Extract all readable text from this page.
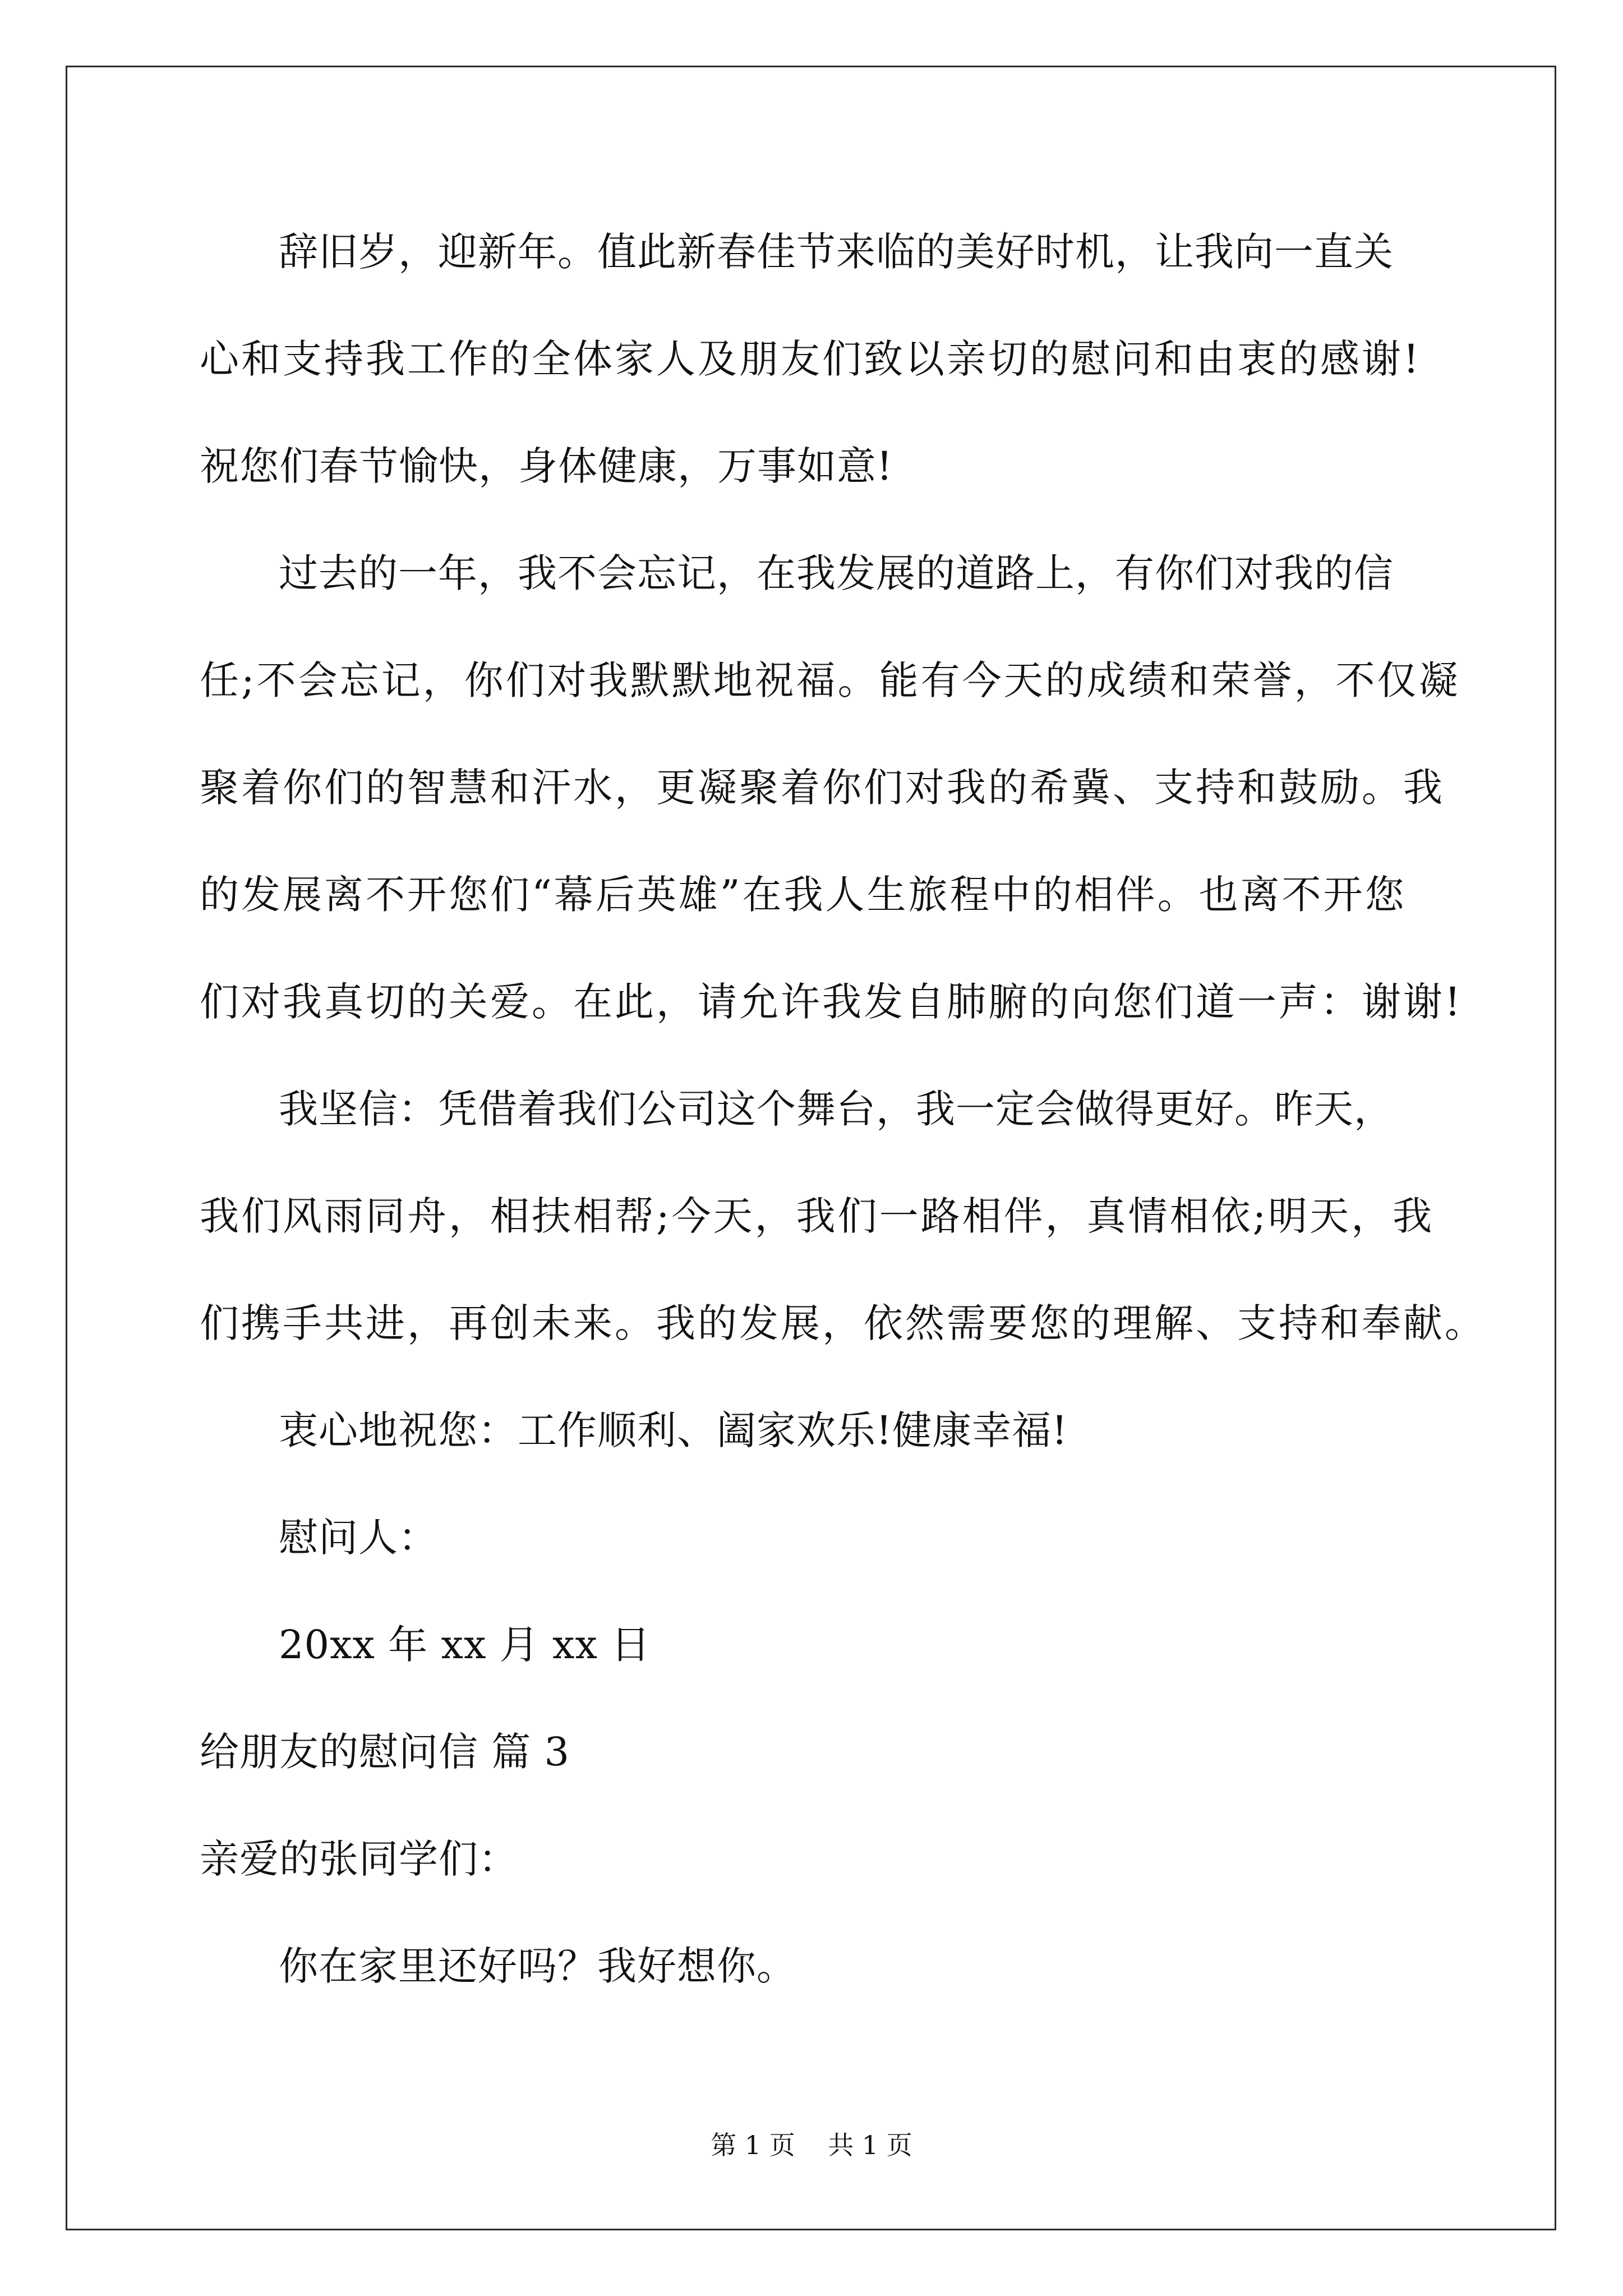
辞旧岁，迎新年。值此新春佳节来临的美好时机，让我向一直关
心和支持我工作的全体家人及朋友们致以亲切的慰问和由衷的感谢!
祝您们春节愉快，身体健康，万事如意!
过去的一年，我不会忘记，在我发展的道路上，有你们对我的信
任;不会忘记，你们对我默默地祝福。能有今天的成绩和荣誉，不仅凝
聚着你们的智慧和汗水，更凝聚着你们对我的希冀、支持和鼓励。我
的发展离不开您们“幕后英雄”在我人生旅程中的相伴。也离不开您
们对我真切的关爱。在此，请允许我发自肺腑的向您们道一声：谢谢!
我坚信：凭借着我们公司这个舞台，我一定会做得更好。昨天，
我们风雨同舟，相扶相帮;今天，我们一路相伴，真情相依;明天，我
们携手共进，再创未来。我的发展，依然需要您的理解、支持和奉献。
衷心地祝您：工作顺利、阖家欢乐!健康幸福!
慰问人：
20xx 年 xx 月 xx 日
给朋友的慰问信 篇 3
亲爱的张同学们：
你在家里还好吗？我好想你。
第 1 页    共 1 页
